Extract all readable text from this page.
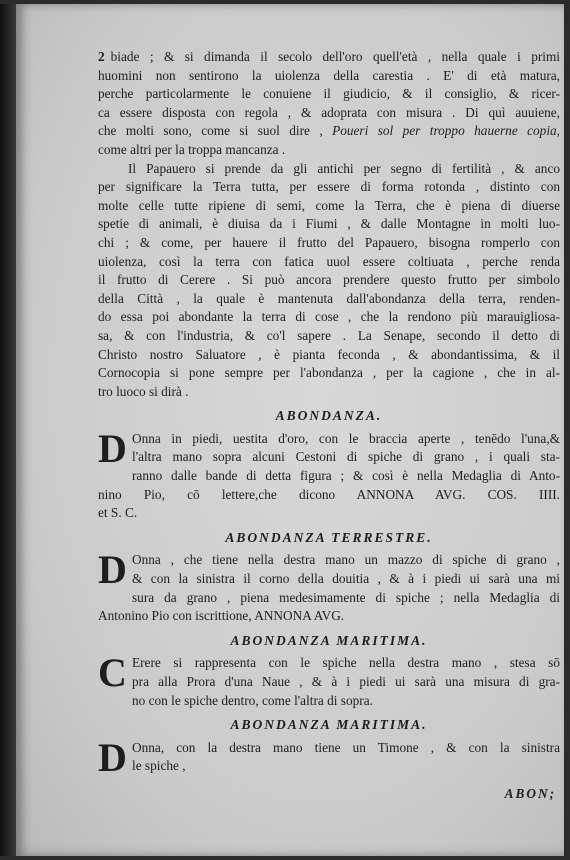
2 biade ; & si dimanda il secolo dell'oro quell'età , nella quale i primi
huomini non sentirono la uiolenza della carestia . E' di età matura,
perche particolarmente le conuiene il giudicio, & il consiglio, & ricer-
ca essere disposta con regola , & adoprata con misura . Di quì auuiene,
che molti sono, come si suol dire , Poueri sol per troppo hauerne copia,
come altri per la troppa mancanza .

Il Papauero si prende da gli antichi per segno di fertilità , & anco
per significare la Terra tutta, per essere di forma rotonda , distinto con
molte celle tutte ripiene di semi, come la Terra, che è piena di diuerse
spetie di animali, è diuisa da i Fiumi , & dalle Montagne in molti luo-
chi ; & come, per hauere il frutto del Papauero, bisogna romperlo con
uiolenza, così la terra con fatica uuol essere coltiuata , perche renda
il frutto di Cerere . Si può ancora prendere questo frutto per simbolo
della Città , la quale è mantenuta dall'abondanza della terra, renden-
do essa poi abondante la terra di cose , che la rendono più marauigliosa-
sa, & con l'industria, & co'l sapere . La Senape, secondo il detto di
Christo nostro Saluatore , è pianta feconda , & abondantissima, & il
Cornocopia si pone sempre per l'abondanza , per la cagione , che in al-
tro luoco si dirà .

ABONDANZA.
D Onna in piedi, uestita d'oro, con le braccia aperte , tenēdo l'una,&
l'altra mano sopra alcuni Cestoni di spiche di grano , i quali sta-
ranno dalle bande di detta figura ; & così è nella Medaglia di Anto-
nino Pio, cō lettere,che dicono ANNONA AVG. COS. IIII.
et S. C.
ABONDANZA TERRESTRE.
D Onna , che tiene nella destra mano un mazzo di spiche di grano ,
& con la sinistra il corno della douitia , & à i piedi ui sarà una mi
sura da grano , piena medesimamente di spiche ; nella Medaglia di
Antonino Pio con iscrittione, ANNONA AVG.
ABONDANZA MARITIMA.
C Erere si rappresenta con le spiche nella destra mano , stesa sō
pra alla Prora d'una Naue , & à i piedi ui sarà una misura di gra-
no con le spiche dentro, come l'altra di sopra.
ABONDANZA MARITIMA.
D Onna, con la destra mano tiene un Timone , & con la sinistra
le spiche ,
ABON;
